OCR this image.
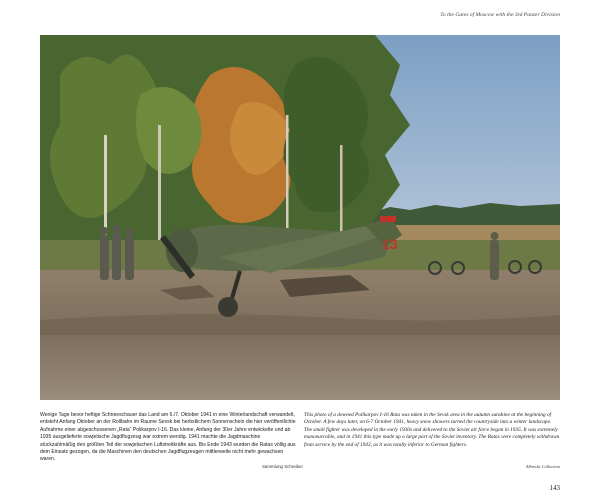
To the Gates of Moscow with the 3rd Panzer Division
13

Wenige Tage bevor heftige Schneeschauer das Land am 6./7. Oktober 1941 in eine Winterlandschaft verwandelt, entsteht Anfang Oktober an der Rollbahn im Raume Sevsk bei herbstlichem Sonnenschein die hier veröffentlichte Aufnahme einer abgeschossenen „Rata“ Polikarpov I-16. Das kleine, Anfang der 30er Jahre entwickelte und ab 1935 ausgelieferte sowjetische Jagdflugzeug war extrem wendig. 1941 machte die Jagdmaschine stückzahlmäßig den größten Teil der sowjetischen Luftstreitkräfte aus. Bis Ende 1943 wurden die Ratas völlig aus dem Einsatz gezogen, da die Maschinen den deutschen Jagdflugzeugen mittlerweile nicht mehr gewachsen waren.

Sammlung Schreiber

This photo of a downed Polikarpov I-16 Rata was taken in the Sevsk area in the autumn sunshine at the beginning of October. A few days later, on 6-7 October 1941, heavy snow showers turned the countryside into a winter landscape. The small fighter was developed in the early 1930s and delivered to the Soviet air force began in 1935. It was extremely manoeuvrable, and in 1941 this type made up a large part of the Soviet inventory. The Ratas were completely withdrawn from service by the end of 1943, as it was totally inferior to German fighters.

Albrecht Collection
143
